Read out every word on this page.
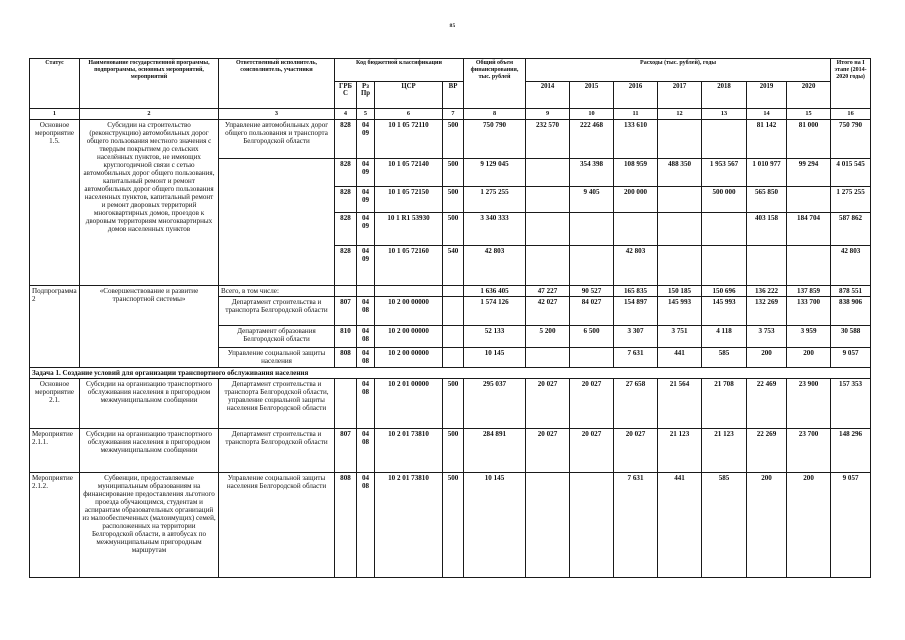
85
Статус	Наименование государственной программы, подпрограммы, основных мероприятий, мероприятий	Ответственный исполнитель, соисполнитель, участники	Код бюджетной классификации				Общий объем финансирования, тыс. рублей	Расходы (тыс. рублей), годы							Итого на I этапе (2014-2020 годы)
			ГРБС	Рз Пр	ЦСР	ВР		2014	2015	2016	2017	2018	2019	2020	
1	2	3	4	5	6	7	8	9	10	11	12	13	14	15	16
Основное мероприятие 1.5.	Субсидии на строительство (реконструкцию) автомобильных дорог общего пользования местного значения с твердым покрытием до сельских населённых пунктов, не имеющих круглогодичной связи с сетью автомобильных дорог общего пользования, капитальный ремонт и ремонт автомобильных дорог общего пользования населенных пунктов, капитальный ремонт и ремонт дворовых территорий многоквартирных домов, проездов к дворовым территориям многоквартирных домов населенных пунктов	Управление автомобильных дорог общего пользования и транспорта Белгородской области	828	04 09	10 1 05 72110	500	750 790	232 570	222 468	133 610			81 142	81 000	750 790
			828	04 09	10 1 05 72140	500	9 129 045		354 398	108 959	488 350	1 953 567	1 010 977	99 294	4 015 545
			828	04 09	10 1 05 72150	500	1 275 255		9 405	200 000		500 000	565 850		1 275 255
			828	04 09	10 1 R1 53930	500	3 340 333						403 158	184 704	587 862
			828	04 09	10 1 05 72160	540	42 803			42 803					42 803
Подпрограмма 2	«Совершенствование и развитие транспортной системы»	Всего, в том числе:					1 636 405	47 227	90 527	165 835	150 185	150 696	136 222	137 859	878 551
		Департамент строительства и транспорта Белгородской области	807	04 08	10 2 00 00000		1 574 126	42 027	84 027	154 897	145 993	145 993	132 269	133 700	838 906
		Департамент образования Белгородской области	810	04 08	10 2 00 00000		52 133	5 200	6 500	3 307	3 751	4 118	3 753	3 959	30 588
		Управление социальной защиты населения	808	04 08	10 2 00 00000		10 145			7 631	441	585	200	200	9 057
Задача 1. Создание условий для организации транспортного обслуживания населения															
Основное мероприятие 2.1.	Субсидии на организацию транспортного обслуживания населения в пригородном межмуниципальном сообщении	Департамент строительства и транспорта Белгородской области, управление социальной защиты населения Белгородской области		04 08	10 2 01 00000	500	295 037	20 027	20 027	27 658	21 564	21 708	22 469	23 900	157 353
Мероприятие 2.1.1.	Субсидии на организацию транспортного обслуживания населения в пригородном межмуниципальном сообщении	Департамент строительства и транспорта Белгородской области	807	04 08	10 2 01 73810	500	284 891	20 027	20 027	20 027	21 123	21 123	22 269	23 700	148 296
Мероприятие 2.1.2.	Субвенции, предоставляемые муниципальным образованиям на финансирование предоставления льготного проезда обучающимся, студентам и аспирантам образовательных организаций из малообеспеченных (малоимущих) семей, расположенных на территории Белгородской области, в автобусах по межмуниципальным пригородным маршрутам	Управление социальной защиты населения Белгородской области	808	04 08	10 2 01 73810	500	10 145			7 631	441	585	200	200	9 057
